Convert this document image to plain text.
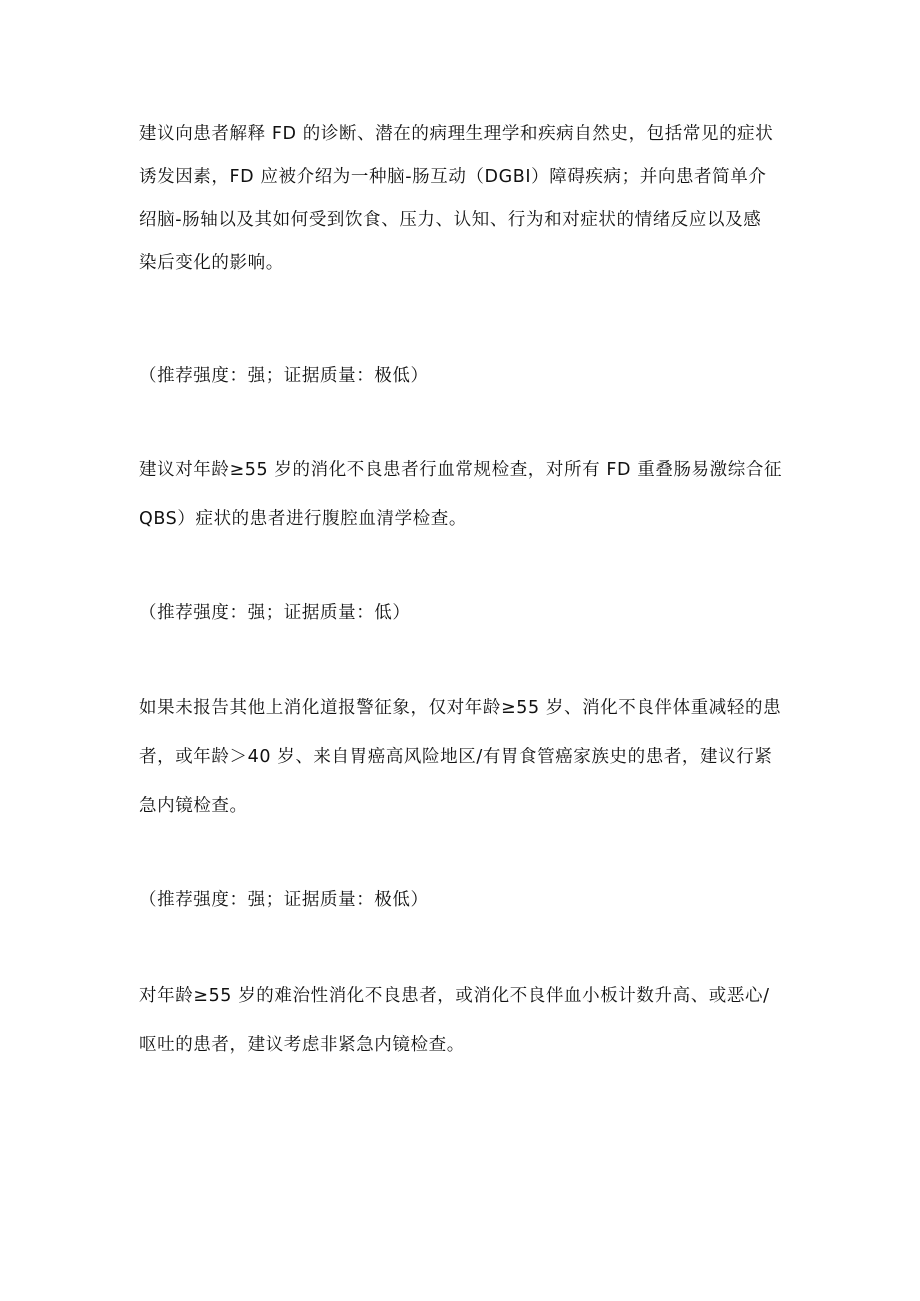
建议向患者解释 FD 的诊断、潜在的病理生理学和疾病自然史，包括常见的症状
诱发因素，FD 应被介绍为一种脑-肠互动（DGBI）障碍疾病；并向患者简单介
绍脑-肠轴以及其如何受到饮食、压力、认知、行为和对症状的情绪反应以及感
染后变化的影响。
（推荐强度：强；证据质量：极低）
建议对年龄≥55 岁的消化不良患者行血常规检查，对所有 FD 重叠肠易激综合征
QBS）症状的患者进行腹腔血清学检查。
（推荐强度：强；证据质量：低）
如果未报告其他上消化道报警征象，仅对年龄≥55 岁、消化不良伴体重减轻的患
者，或年龄＞40 岁、来自胃癌高风险地区/有胃食管癌家族史的患者，建议行紧
急内镜检查。
（推荐强度：强；证据质量：极低）
对年龄≥55 岁的难治性消化不良患者，或消化不良伴血小板计数升高、或恶心/
呕吐的患者，建议考虑非紧急内镜检查。
